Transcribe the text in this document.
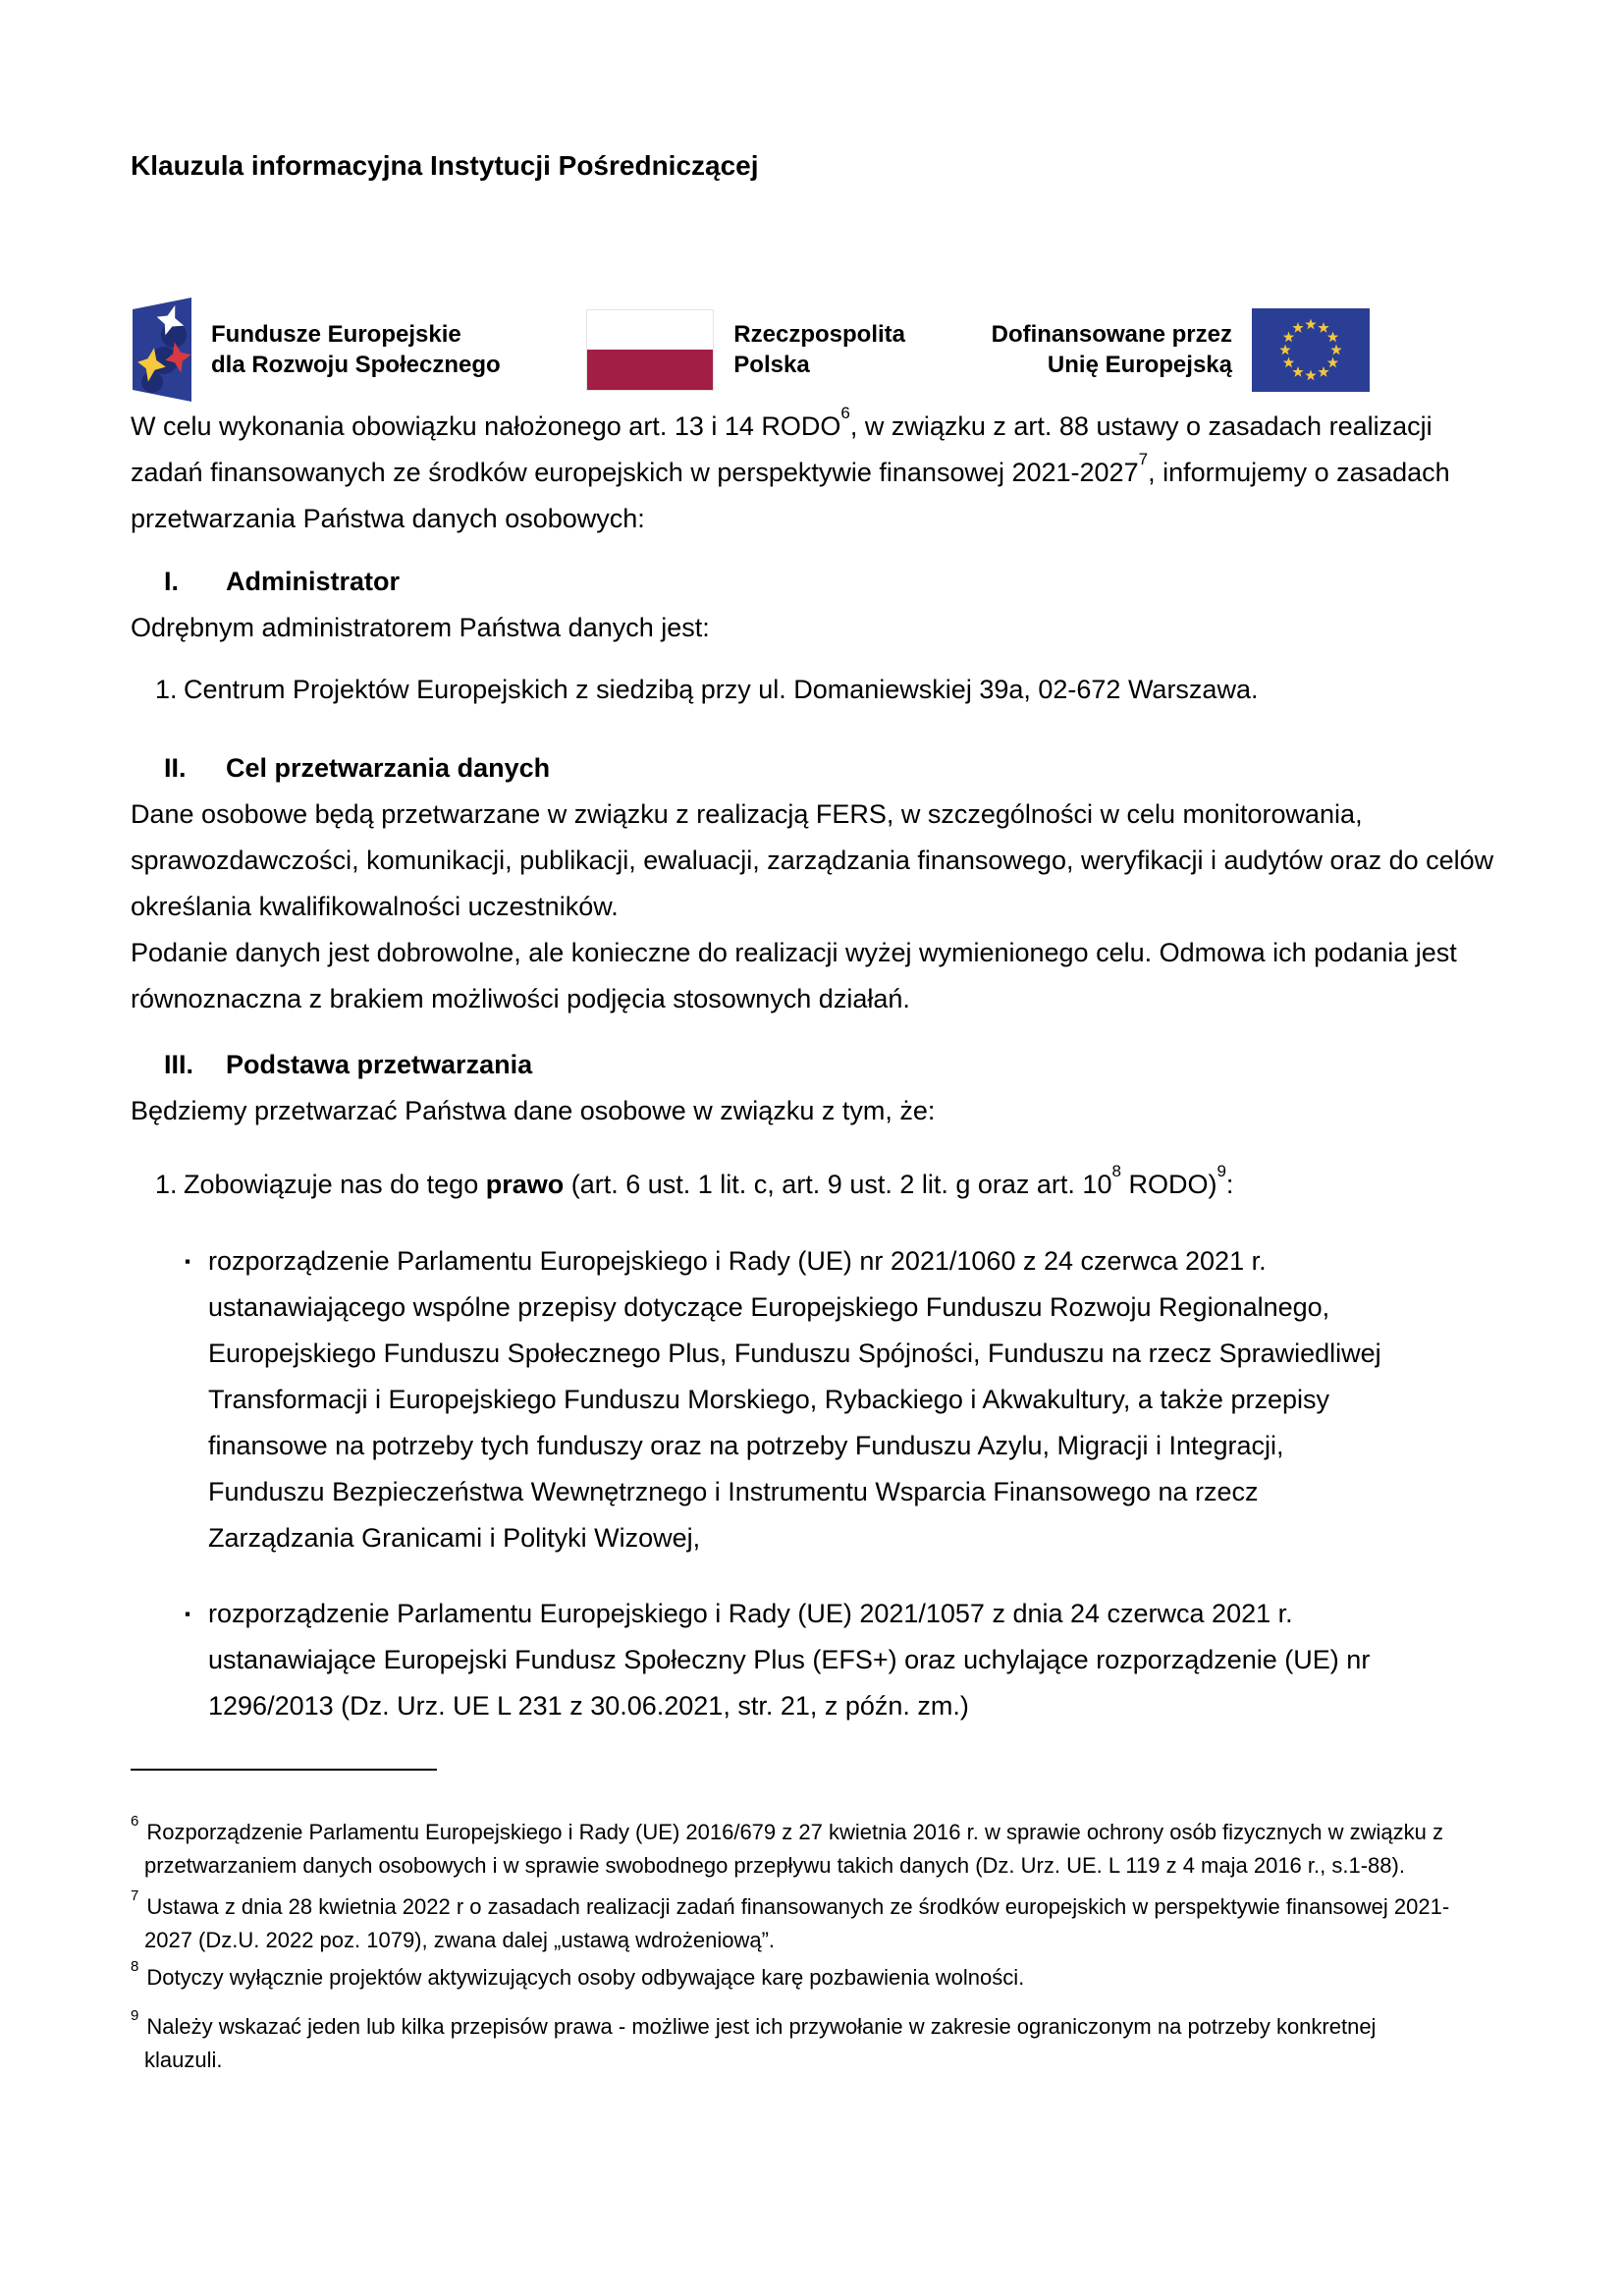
Klauzula informacyjna Instytucji Pośredniczącej
Fundusze Europejskie
dla Rozwoju Społecznego
Rzeczpospolita
Polska
Dofinansowane przez
Unię Europejską

W celu wykonania obowiązku nałożonego art. 13 i 14 RODO$^6$, w związku z art. 88 ustawy o zasadach realizacji zadań finansowanych ze środków europejskich w perspektywie finansowej 2021-2027$^7$, informujemy o zasadach przetwarzania Państwa danych osobowych:

I.	Administrator

Odrębnym administratorem Państwa danych jest:

1. Centrum Projektów Europejskich z siedzibą przy ul. Domaniewskiej 39a, 02-672 Warszawa.
II.	Cel przetwarzania danych

Dane osobowe będą przetwarzane w związku z realizacją FERS, w szczególności w celu monitorowania, sprawozdawczości, komunikacji, publikacji, ewaluacji, zarządzania finansowego, weryfikacji i audytów oraz do celów określania kwalifikowalności uczestników.

Podanie danych jest dobrowolne, ale konieczne do realizacji wyżej wymienionego celu. Odmowa ich podania jest równoznaczna z brakiem możliwości podjęcia stosownych działań.

III.	Podstawa przetwarzania

Będziemy przetwarzać Państwa dane osobowe w związku z tym, że:

1. Zobowiązuje nas do tego prawo (art. 6 ust. 1 lit. c, art. 9 ust. 2 lit. g oraz art. 10$^8$ RODO)$^9$:
▪ rozporządzenie Parlamentu Europejskiego i Rady (UE) nr 2021/1060 z 24 czerwca 2021 r. ustanawiającego wspólne przepisy dotyczące Europejskiego Funduszu Rozwoju Regionalnego, Europejskiego Funduszu Społecznego Plus, Funduszu Spójności, Funduszu na rzecz Sprawiedliwej Transformacji i Europejskiego Funduszu Morskiego, Rybackiego i Akwakultury, a także przepisy finansowe na potrzeby tych funduszy oraz na potrzeby Funduszu Azylu, Migracji i Integracji, Funduszu Bezpieczeństwa Wewnętrznego i Instrumentu Wsparcia Finansowego na rzecz Zarządzania Granicami i Polityki Wizowej,
▪ rozporządzenie Parlamentu Europejskiego i Rady (UE) 2021/1057 z dnia 24 czerwca 2021 r. ustanawiające Europejski Fundusz Społeczny Plus (EFS+) oraz uchylające rozporządzenie (UE) nr 1296/2013 (Dz. Urz. UE L 231 z 30.06.2021, str. 21, z późn. zm.)

$^6$ Rozporządzenie Parlamentu Europejskiego i Rady (UE) 2016/679 z 27 kwietnia 2016 r. w sprawie ochrony osób fizycznych w związku z przetwarzaniem danych osobowych i w sprawie swobodnego przepływu takich danych (Dz. Urz. UE. L 119 z 4 maja 2016 r., s.1-88).

$^7$ Ustawa z dnia 28 kwietnia 2022 r o zasadach realizacji zadań finansowanych ze środków europejskich w perspektywie finansowej 2021-2027 (Dz.U. 2022 poz. 1079), zwana dalej „ustawą wdrożeniową”.

$^8$ Dotyczy wyłącznie projektów aktywizujących osoby odbywające karę pozbawienia wolności.

$^9$ Należy wskazać jeden lub kilka przepisów prawa - możliwe jest ich przywołanie w zakresie ograniczonym na potrzeby konkretnej klauzuli.
